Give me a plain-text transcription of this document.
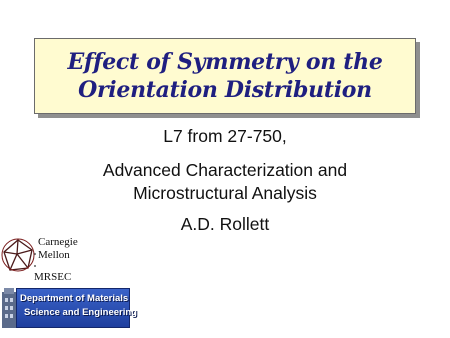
Effect of Symmetry on the
Orientation Distribution
L7 from 27-750,
Advanced Characterization and
Microstructural Analysis
A.D. Rollett
Carnegie
Mellon
MRSEC
Department of Materials
Science and Engineering
